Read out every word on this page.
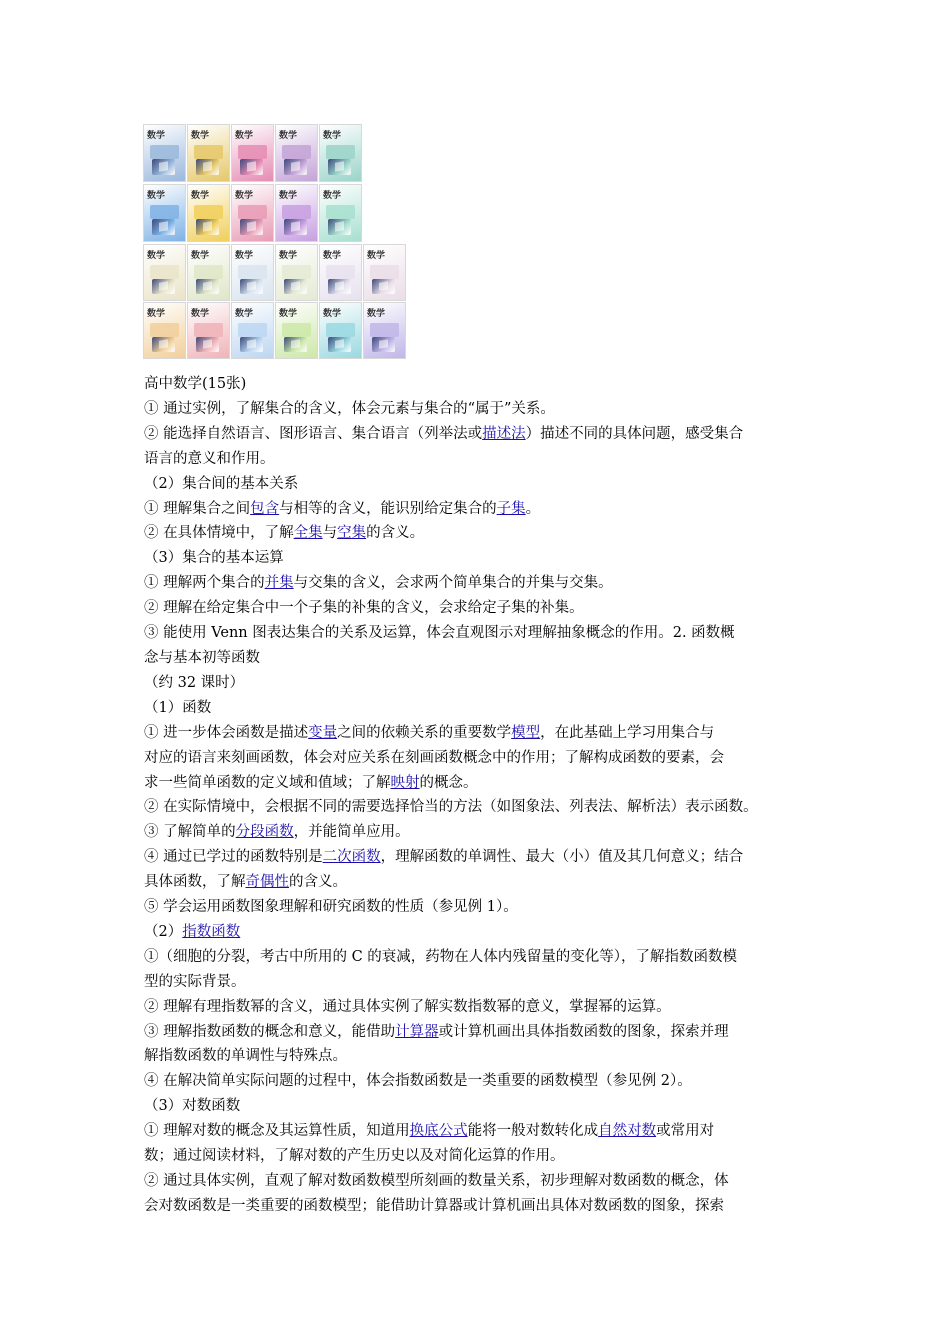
数学	数学	数学	数学	数学
数学	数学	数学	数学	数学
数学	数学	数学	数学	数学	数学
数学	数学	数学	数学	数学	数学
高中数学(15张)
① 通过实例，了解集合的含义，体会元素与集合的“属于”关系。
② 能选择自然语言、图形语言、集合语言（列举法或描述法）描述不同的具体问题，感受集合
语言的意义和作用。
（2）集合间的基本关系
① 理解集合之间包含与相等的含义，能识别给定集合的子集。
② 在具体情境中，了解全集与空集的含义。
（3）集合的基本运算
① 理解两个集合的并集与交集的含义，会求两个简单集合的并集与交集。
② 理解在给定集合中一个子集的补集的含义，会求给定子集的补集。
③ 能使用 Venn 图表达集合的关系及运算，体会直观图示对理解抽象概念的作用。2. 函数概
念与基本初等函数
（约 32 课时）
（1）函数
① 进一步体会函数是描述变量之间的依赖关系的重要数学模型，在此基础上学习用集合与
对应的语言来刻画函数，体会对应关系在刻画函数概念中的作用；了解构成函数的要素，会
求一些简单函数的定义域和值域；了解映射的概念。
② 在实际情境中，会根据不同的需要选择恰当的方法（如图象法、列表法、解析法）表示函数。
③ 了解简单的分段函数，并能简单应用。
④ 通过已学过的函数特别是二次函数，理解函数的单调性、最大（小）值及其几何意义；结合
具体函数，了解奇偶性的含义。
⑤ 学会运用函数图象理解和研究函数的性质（参见例 1）。
（2）指数函数
①（细胞的分裂，考古中所用的 C 的衰减，药物在人体内残留量的变化等），了解指数函数模
型的实际背景。
② 理解有理指数幂的含义，通过具体实例了解实数指数幂的意义，掌握幂的运算。
③ 理解指数函数的概念和意义，能借助计算器或计算机画出具体指数函数的图象，探索并理
解指数函数的单调性与特殊点。
④ 在解决简单实际问题的过程中，体会指数函数是一类重要的函数模型（参见例 2）。
（3）对数函数
① 理解对数的概念及其运算性质，知道用换底公式能将一般对数转化成自然对数或常用对
数；通过阅读材料，了解对数的产生历史以及对简化运算的作用。
② 通过具体实例，直观了解对数函数模型所刻画的数量关系，初步理解对数函数的概念，体
会对数函数是一类重要的函数模型；能借助计算器或计算机画出具体对数函数的图象，探索
